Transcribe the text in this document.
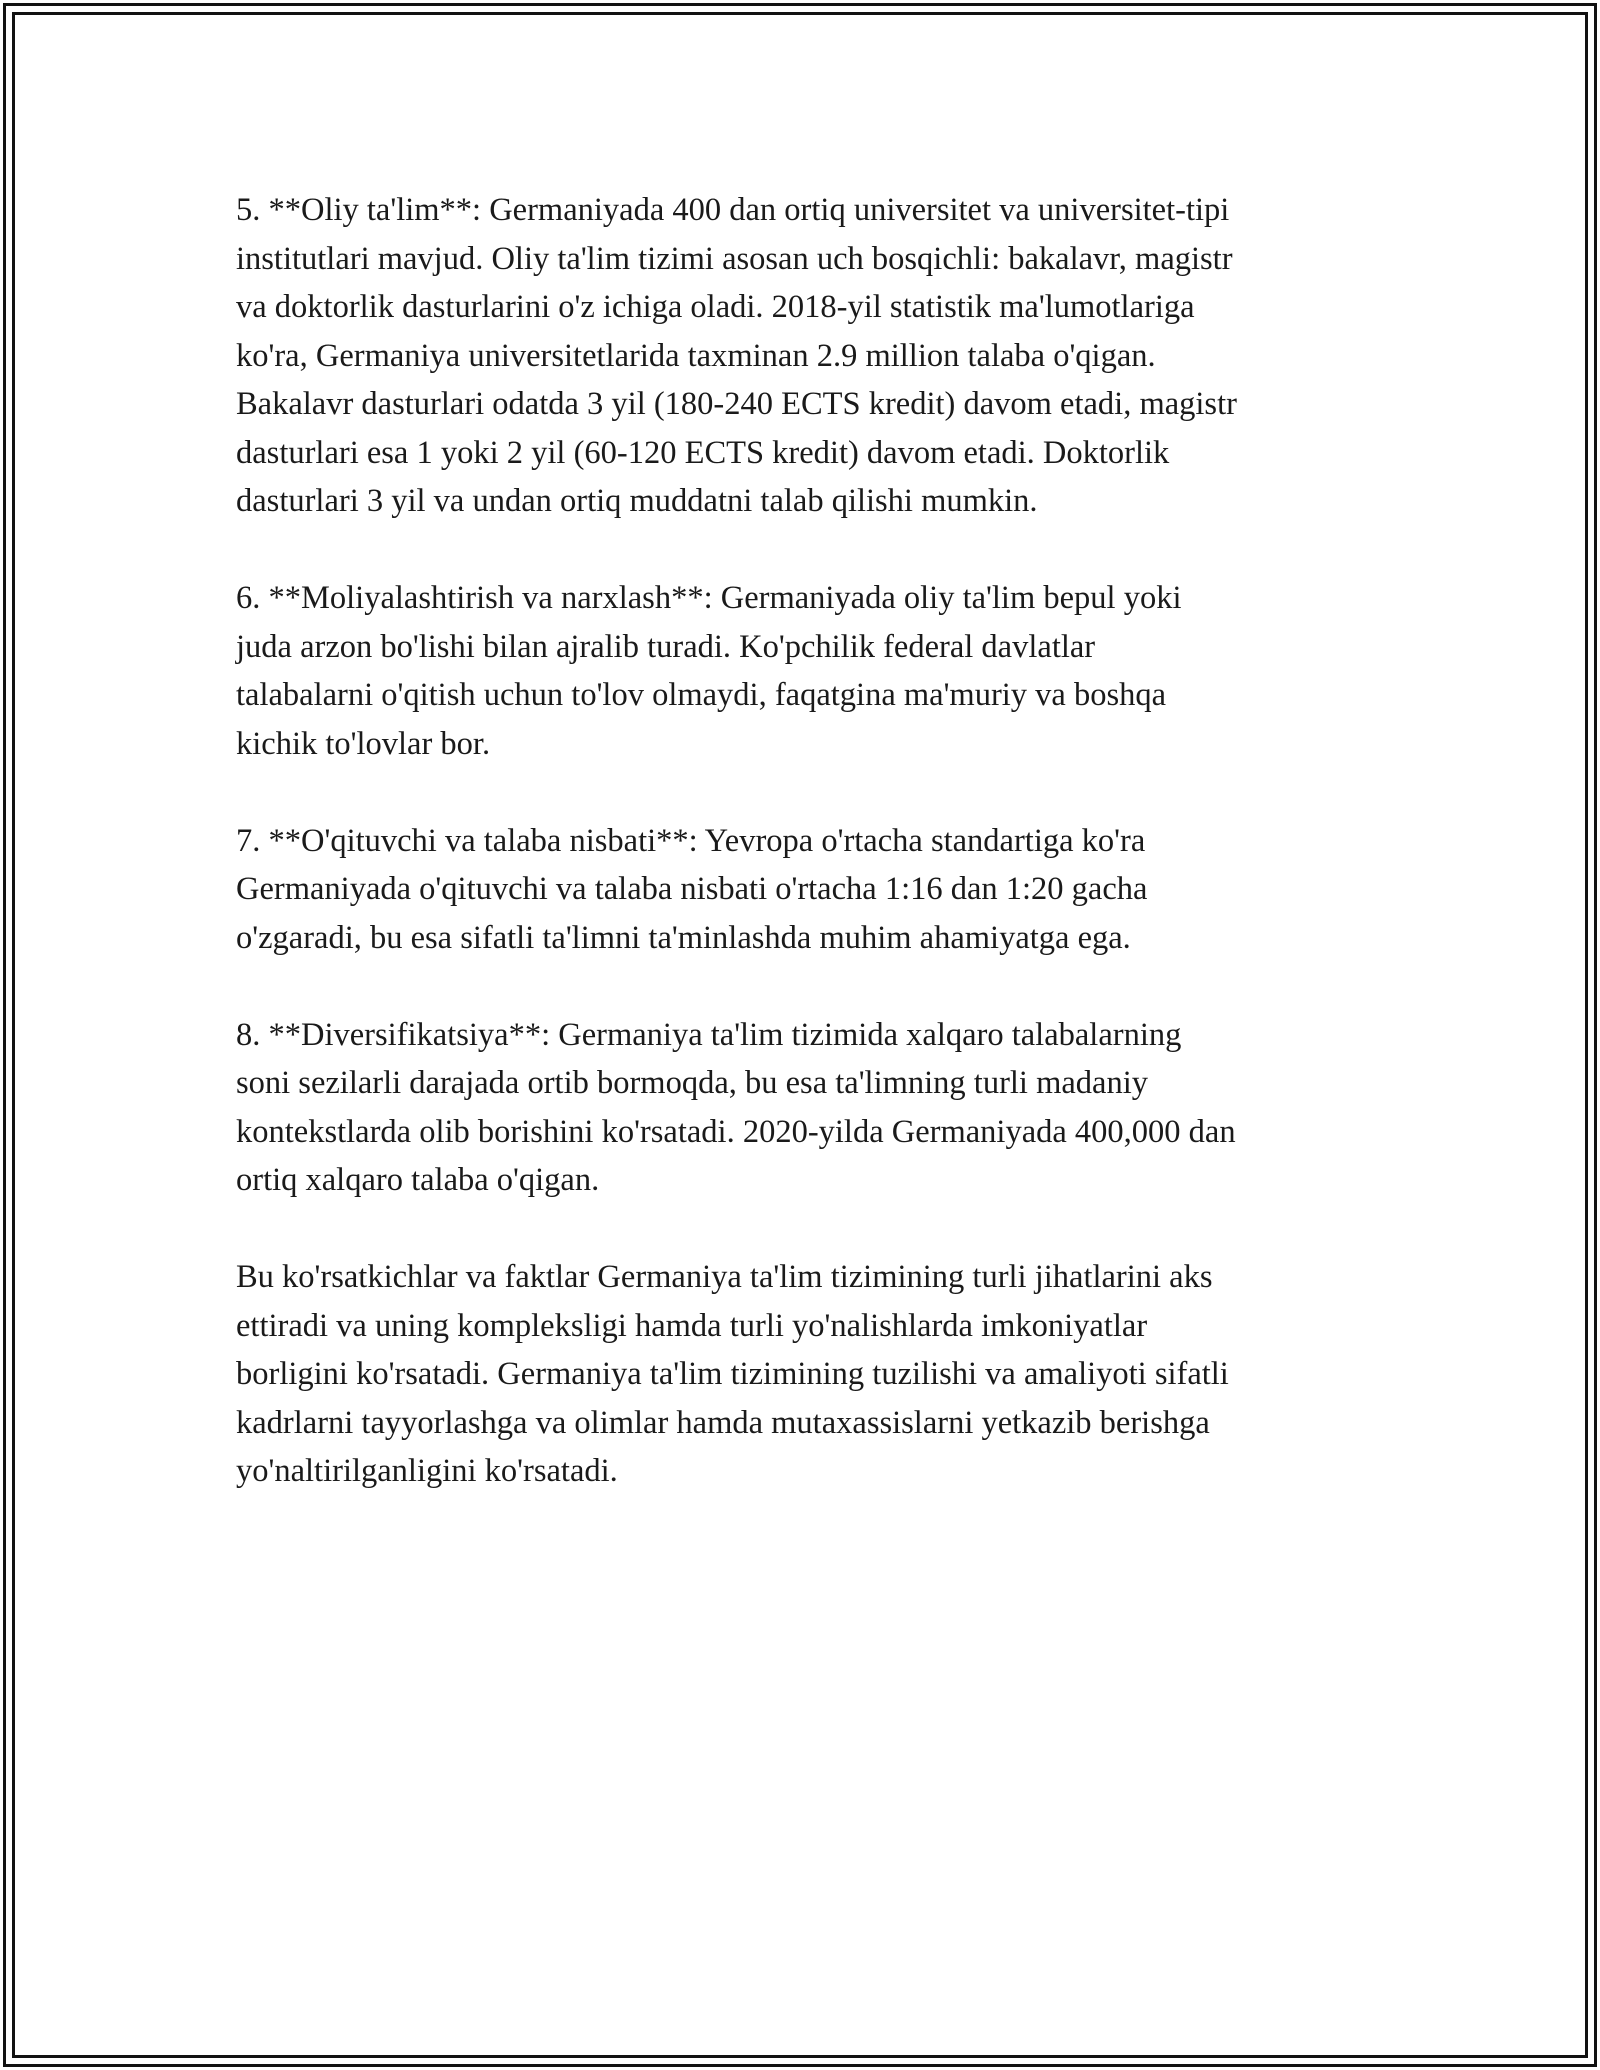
5. **Oliy ta'lim**: Germaniyada 400 dan ortiq universitet va universitet-tipi
institutlari mavjud. Oliy ta'lim tizimi asosan uch bosqichli: bakalavr, magistr
va doktorlik dasturlarini o'z ichiga oladi. 2018-yil statistik ma'lumotlariga
ko'ra, Germaniya universitetlarida taxminan 2.9 million talaba o'qigan.
Bakalavr dasturlari odatda 3 yil (180-240 ECTS kredit) davom etadi, magistr
dasturlari esa 1 yoki 2 yil (60-120 ECTS kredit) davom etadi. Doktorlik
dasturlari 3 yil va undan ortiq muddatni talab qilishi mumkin.

6. **Moliyalashtirish va narxlash**: Germaniyada oliy ta'lim bepul yoki
juda arzon bo'lishi bilan ajralib turadi. Ko'pchilik federal davlatlar
talabalarni o'qitish uchun to'lov olmaydi, faqatgina ma'muriy va boshqa
kichik to'lovlar bor.

7. **O'qituvchi va talaba nisbati**: Yevropa o'rtacha standartiga ko'ra
Germaniyada o'qituvchi va talaba nisbati o'rtacha 1:16 dan 1:20 gacha
o'zgaradi, bu esa sifatli ta'limni ta'minlashda muhim ahamiyatga ega.

8. **Diversifikatsiya**: Germaniya ta'lim tizimida xalqaro talabalarning
soni sezilarli darajada ortib bormoqda, bu esa ta'limning turli madaniy
kontekstlarda olib borishini ko'rsatadi. 2020-yilda Germaniyada 400,000 dan
ortiq xalqaro talaba o'qigan.

Bu ko'rsatkichlar va faktlar Germaniya ta'lim tizimining turli jihatlarini aks
ettiradi va uning kompleksligi hamda turli yo'nalishlarda imkoniyatlar
borligini ko'rsatadi. Germaniya ta'lim tizimining tuzilishi va amaliyoti sifatli
kadrlarni tayyorlashga va olimlar hamda mutaxassislarni yetkazib berishga
yo'naltirilganligini ko'rsatadi.
